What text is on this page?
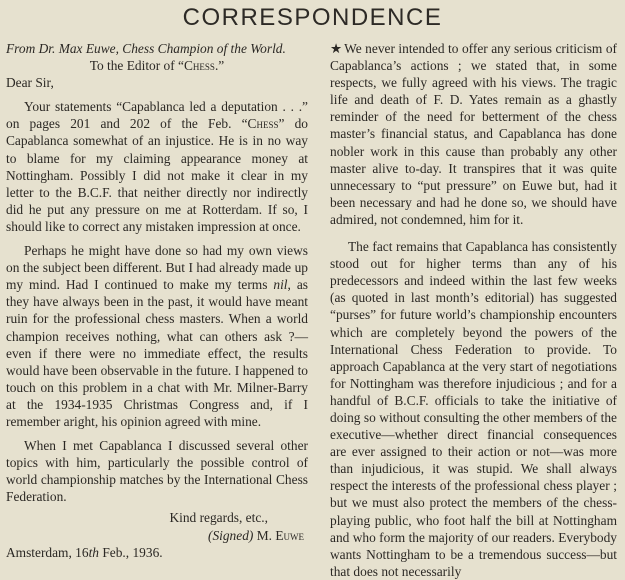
CORRESPONDENCE

From Dr. Max Euwe, Chess Champion of the World.

To the Editor of “Chess.”

Dear Sir,

Your statements “Capablanca led a deputation . . .” on pages 201 and 202 of the Feb. “Chess” do Capablanca somewhat of an injustice. He is in no way to blame for my claiming appearance money at Nottingham. Possibly I did not make it clear in my letter to the B.C.F. that neither directly nor indirectly did he put any pressure on me at Rotterdam. If so, I should like to correct any mistaken impression at once.

Perhaps he might have done so had my own views on the subject been different. But I had already made up my mind. Had I continued to make my terms nil, as they have always been in the past, it would have meant ruin for the professional chess masters. When a world champion receives nothing, what can others ask ?—even if there were no immediate effect, the results would have been observable in the future. I happened to touch on this problem in a chat with Mr. Milner-Barry at the 1934-1935 Christmas Congress and, if I remember aright, his opinion agreed with mine.

When I met Capablanca I discussed several other topics with him, particularly the possible control of world championship matches by the International Chess Federation.

Kind regards, etc.,

(Signed) M. Euwe

Amsterdam, 16th Feb., 1936.

★ We never intended to offer any serious criticism of Capablanca’s actions ; we stated that, in some respects, we fully agreed with his views. The tragic life and death of F. D. Yates remain as a ghastly reminder of the need for betterment of the chess master’s financial status, and Capablanca has done nobler work in this cause than probably any other master alive to-day. It transpires that it was quite unnecessary to “put pressure” on Euwe but, had it been necessary and had he done so, we should have admired, not condemned, him for it.

The fact remains that Capablanca has consistently stood out for higher terms than any of his predecessors and indeed within the last few weeks (as quoted in last month’s editorial) has suggested “purses” for future world’s championship encounters which are completely beyond the powers of the International Chess Federation to provide. To approach Capablanca at the very start of negotiations for Nottingham was therefore injudicious ; and for a handful of B.C.F. officials to take the initiative of doing so without consulting the other members of the executive—whether direct financial consequences are ever assigned to their action or not—was more than injudicious, it was stupid. We shall always respect the interests of the professional chess player ; but we must also protect the members of the chess-playing public, who foot half the bill at Nottingham and who form the majority of our readers. Everybody wants Nottingham to be a tremendous success—but that does not necessarily
